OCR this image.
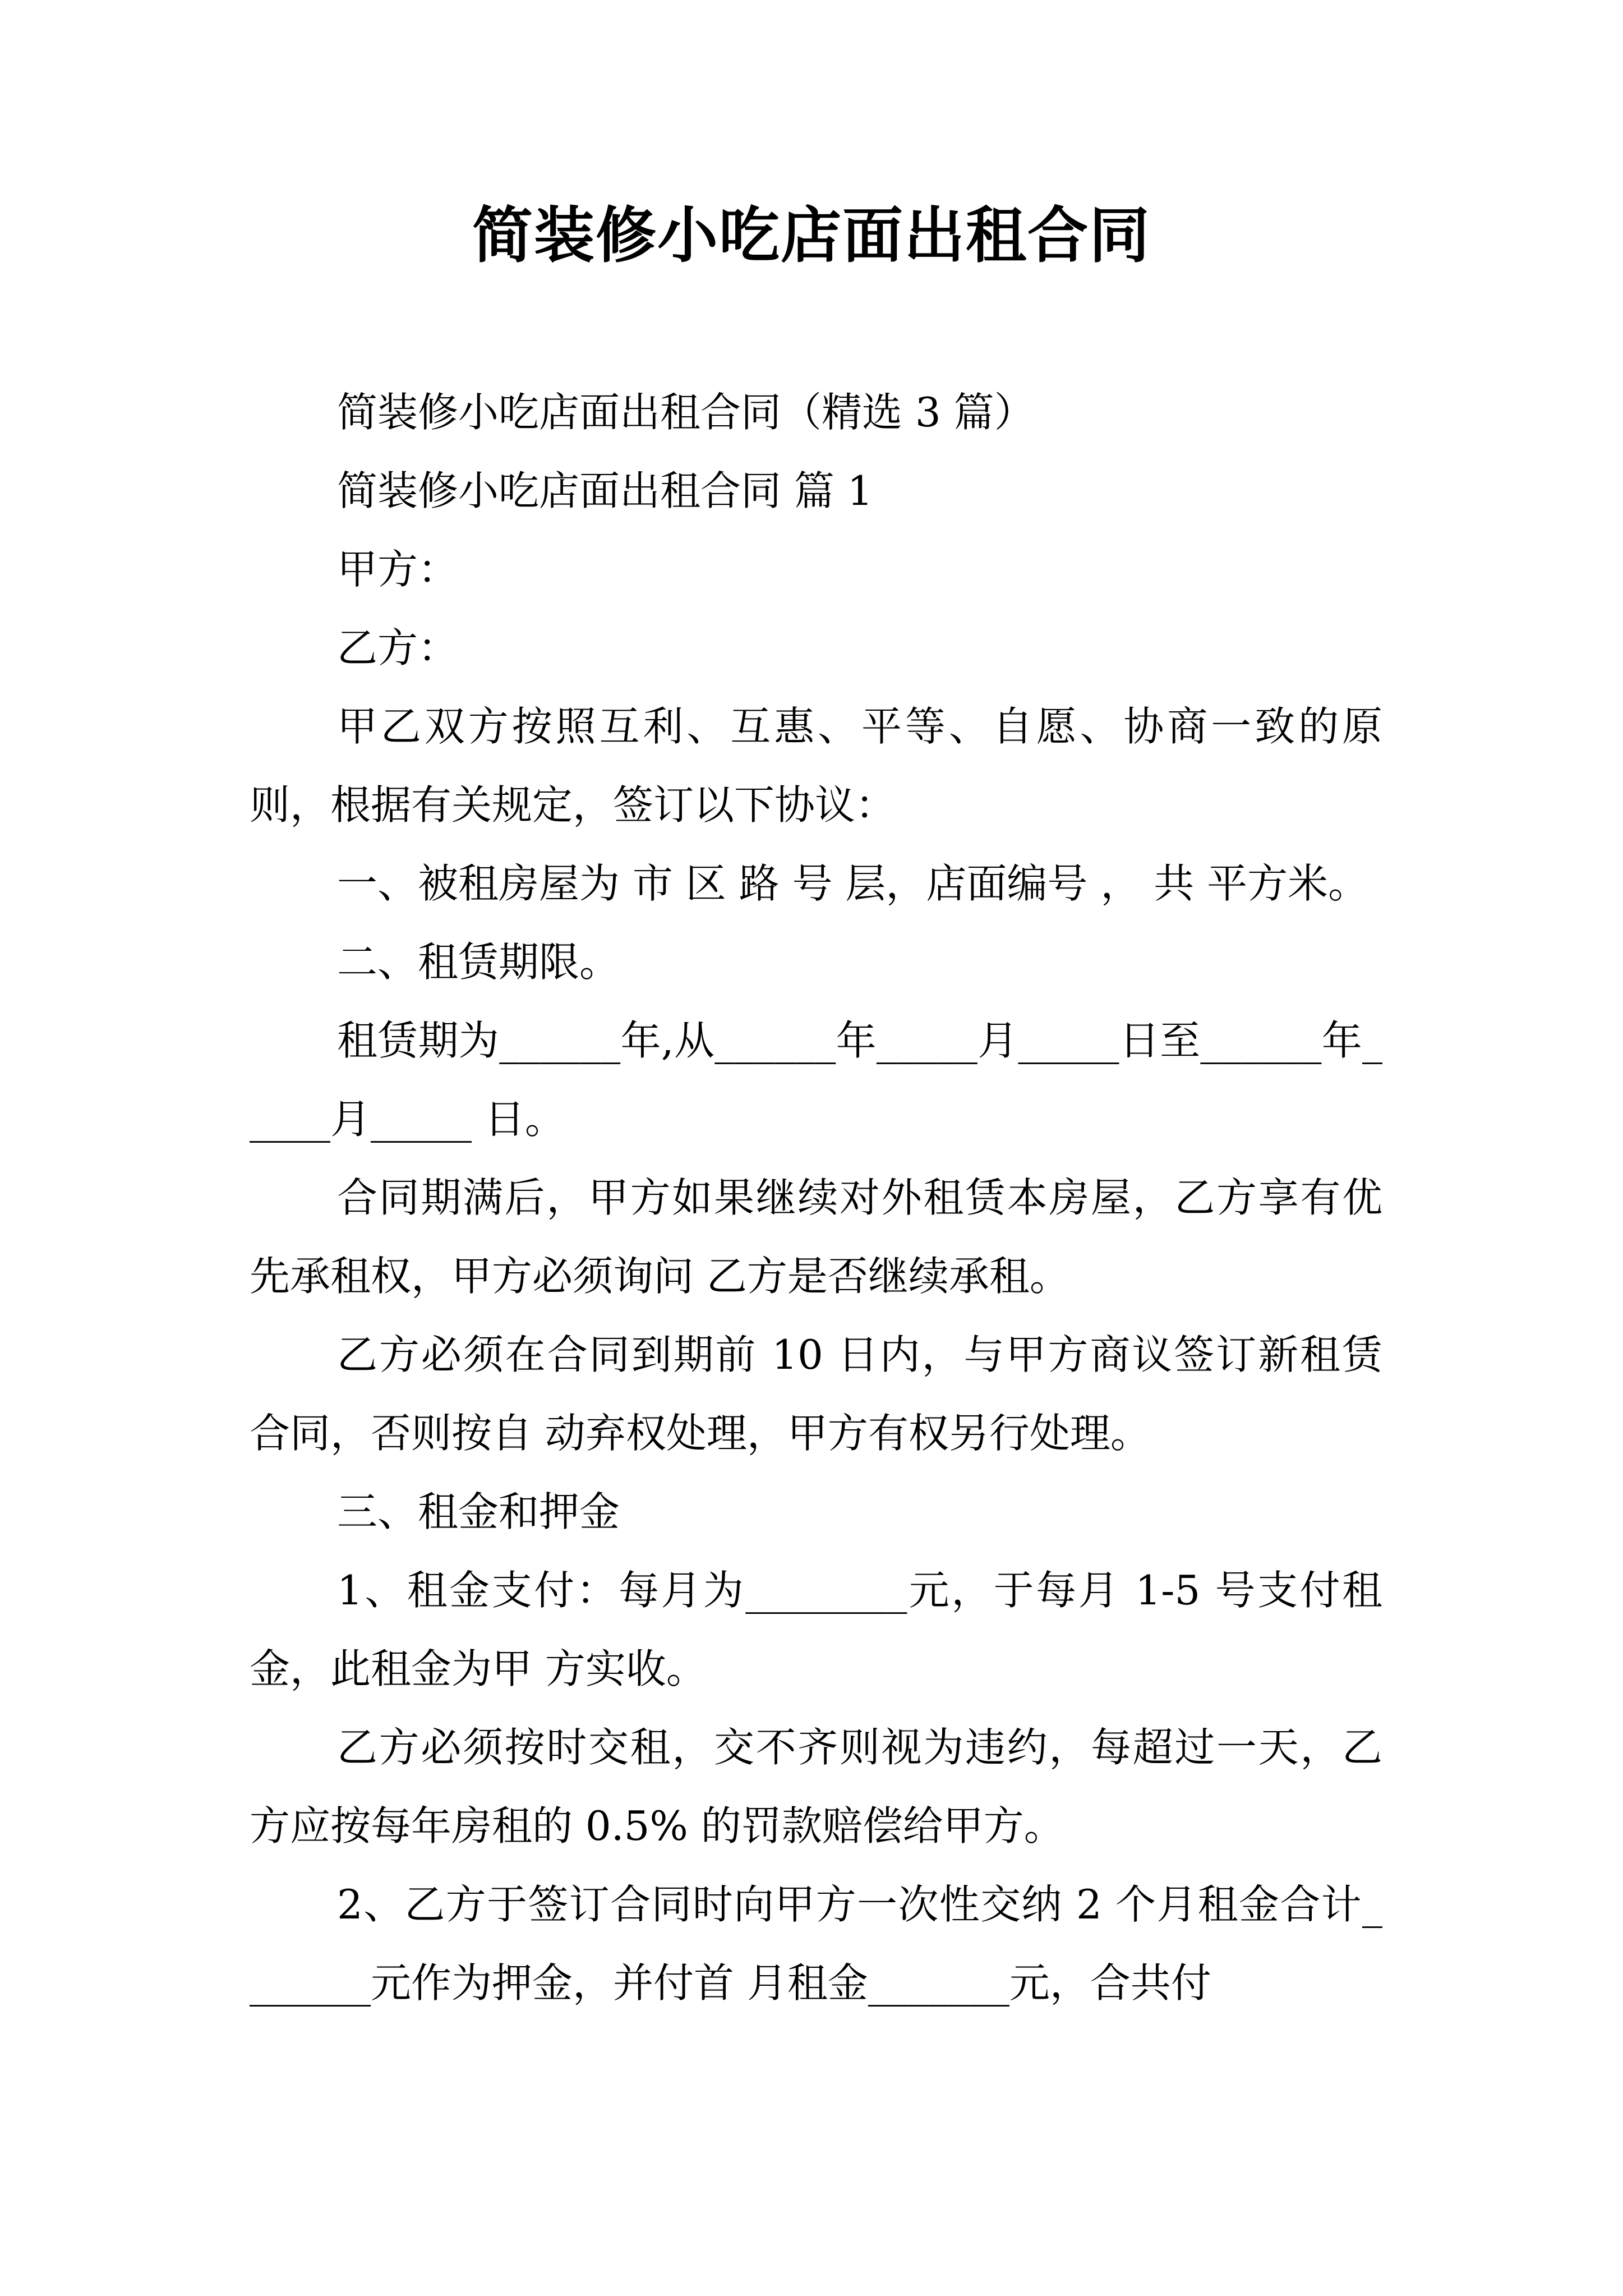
简装修小吃店面出租合同

简装修小吃店面出租合同（精选 3 篇）

简装修小吃店面出租合同 篇 1

甲方：

乙方：

甲乙双方按照互利、互惠、平等、自愿、协商一致的原则，根据有关规定，签订以下协议：

一、被租房屋为 市 区 路 号 层，店面编号 ， 共 平方米。

二、租赁期限。

租赁期为______年,从______年_____月_____日至______年_____月_____ 日。

合同期满后，甲方如果继续对外租赁本房屋，乙方享有优先承租权，甲方必须询问 乙方是否继续承租。

乙方必须在合同到期前 10 日内，与甲方商议签订新租赁合同，否则按自 动弃权处理，甲方有权另行处理。

三、租金和押金

1、租金支付：每月为________元，于每月 1-5 号支付租金，此租金为甲 方实收。

乙方必须按时交租，交不齐则视为违约，每超过一天，乙方应按每年房租的 0.5% 的罚款赔偿给甲方。

2、乙方于签订合同时向甲方一次性交纳 2 个月租金合计_______元作为押金，并付首 月租金_______元，合共付
